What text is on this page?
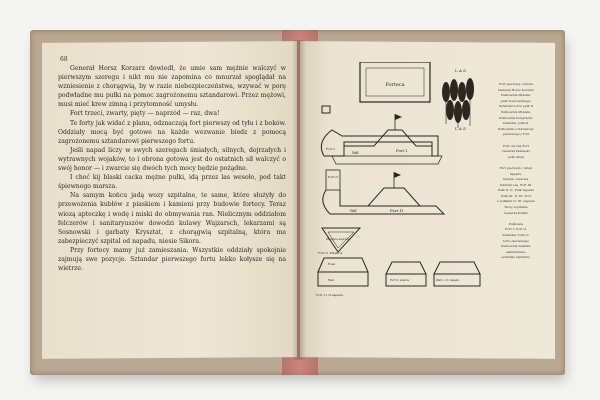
68

Generał Horsz Korzarz dowiedł, że umie sam mężnie walczyć w pierwszym szeregu i nikt mu nie zapomina co mnurzał spoglądał na wzniesienie z chorągwią, by w razie niebezpieczeństwa, wzywać w porę podwładne mu pułki na pomoc zagrożonemu sztandarowi. Przez mężowi, musi mieć krew zimną i przytomność umysłu.

Fort trzeci, zwarty, pięty — naprzód — raz, dwa!

Te forty jak widać z planu, odznaczają fort pierwszy od tyłu i z boków. Oddziały mocą być gotowe na każde wezwanie biedz z pomocą zagrożonemu sztandarowi pierwszego fortu.

Jeśli napad liczy w swych szeregach śmiałych, silnych, dojrzałych i wytrawnych wojaków, to i obrona gotowa jest do ostatnich sił walczyć o swój honor — i zwarcie się dwóch tych mocy będzie pożądne.

I choć kij blaski cacka mężne pułki, idą przez las wesoło, pod takt śpiewnego marsza.

Na samym końcu jadą wozy szpitalne, te same, które służyły do przewożenia kubłów z piaskiem i kamieni przy budowie fortecy. Teraz wiozą apteczkę i wodę i miski do obmywania ran. Nielicznym oddziałom felczerów i sanitaryuszów dowodzi kulawy Wajzarsch, lekarzami są Sosnowski i garbaty Krysztat, z chorągwią szpitalną, która ma zabezpieczyć szpital od napadu, niesie Sikora.

Przy fortecy mamy już zamieszania. Wszystkie oddziały spokojnie zajmują swe pozycje. Sztandar pierwszego fortu lekko kołysze się na wietrze.

Forteca
L A S
L A S
Fort I
Wał
Fort I.
Fort II.
Fort II
Wał
Przejście naprzód.
Fosa
Wał
Fort II. Przekrój
Fort II. szańca	Wały I. i II. napadu.
Fort. I i II napadu.
Fort pierwszy, obrona
Generał Horsz Korzarz
Pułkownik Pitalski,
pułk Sosnowskiego,
Sztandar fortu pułk II
Pułkownik Pitalski,
Pułkownik Pongracki,
sztandar, pułk II.
Pułkownik (oddziałowy
pierwszego) Fort

Fort obrona Fort
Generał Zalewski
pułk drugi

Fort pierwszy i drugi
napadu,
Szpital, rezerwa.
Oddział Las. Fort III.
Pułk II. II. Pułk napadu
Pułk III. II. III. Fort
z pułkami II. III. napadu
Wozy szpitalne
Generał Kotkin

Pułkowie
Fort I. Fort II.
Sztandar fortu II.
fortu pierwszego
Pułkownik Sieński,
sanitariusze,
sztandar szpitalny.
